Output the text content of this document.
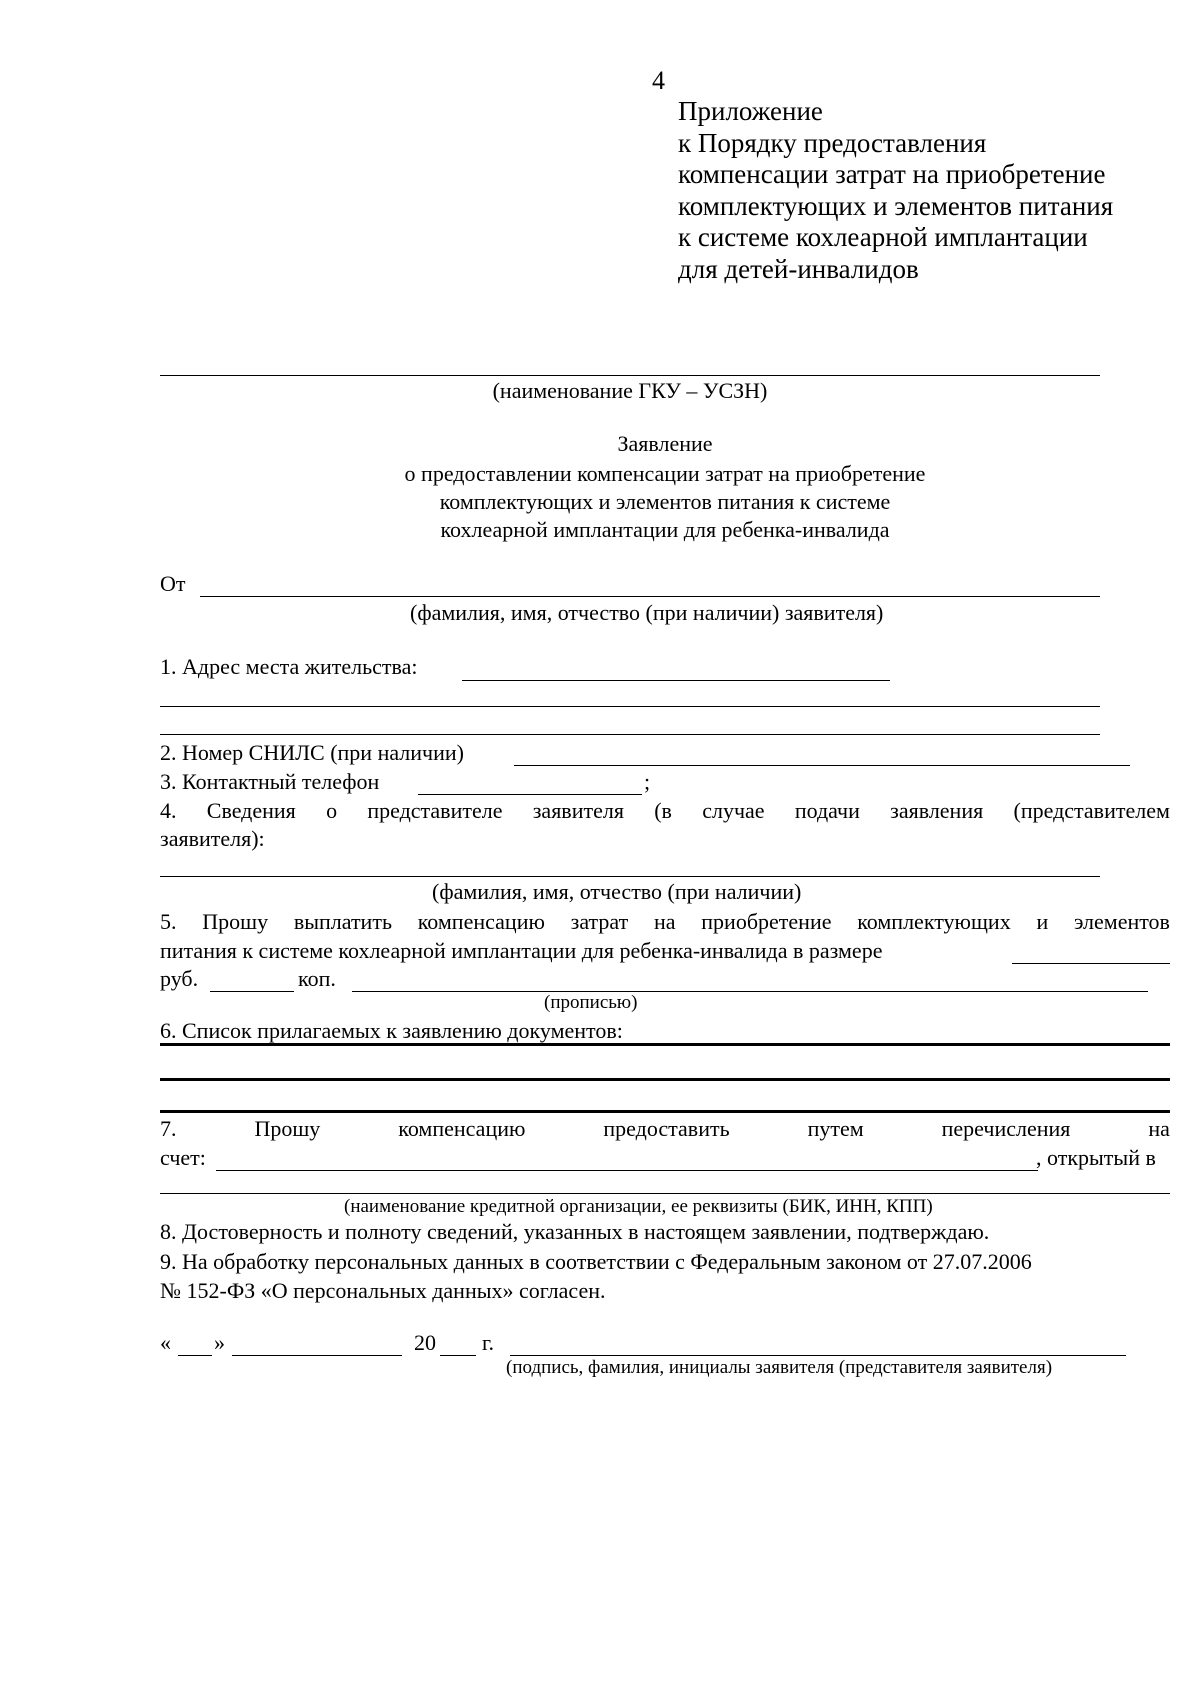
4
Приложение
к Порядку предоставления
компенсации затрат на приобретение
комплектующих и элементов питания
к системе кохлеарной имплантации
для детей-инвалидов
(наименование ГКУ – УСЗН)
Заявление
о предоставлении компенсации затрат на приобретение
комплектующих и элементов питания к системе
кохлеарной имплантации для ребенка-инвалида
От
(фамилия, имя, отчество (при наличии) заявителя)
1. Адрес места жительства:
2. Номер СНИЛС (при наличии)
3. Контактный телефон	;
4. Сведения о представителе заявителя (в случае подачи заявления (представителем
заявителя):
(фамилия, имя, отчество (при наличии)
5. Прошу выплатить компенсацию затрат на приобретение комплектующих и элементов
питания к системе кохлеарной имплантации для ребенка-инвалида в размере
руб.	коп.
(прописью)
6. Список прилагаемых к заявлению документов:
7.	Прошу	компенсацию	предоставить	путем	перечисления	на
счет:	, открытый в
(наименование кредитной организации, ее реквизиты (БИК, ИНН, КПП)
8. Достоверность и полноту сведений, указанных в настоящем заявлении, подтверждаю.
9. На обработку персональных данных в соответствии с Федеральным законом от 27.07.2006
№ 152-ФЗ «О персональных данных» согласен.
« »	20 г.
(подпись, фамилия, инициалы заявителя (представителя заявителя)
